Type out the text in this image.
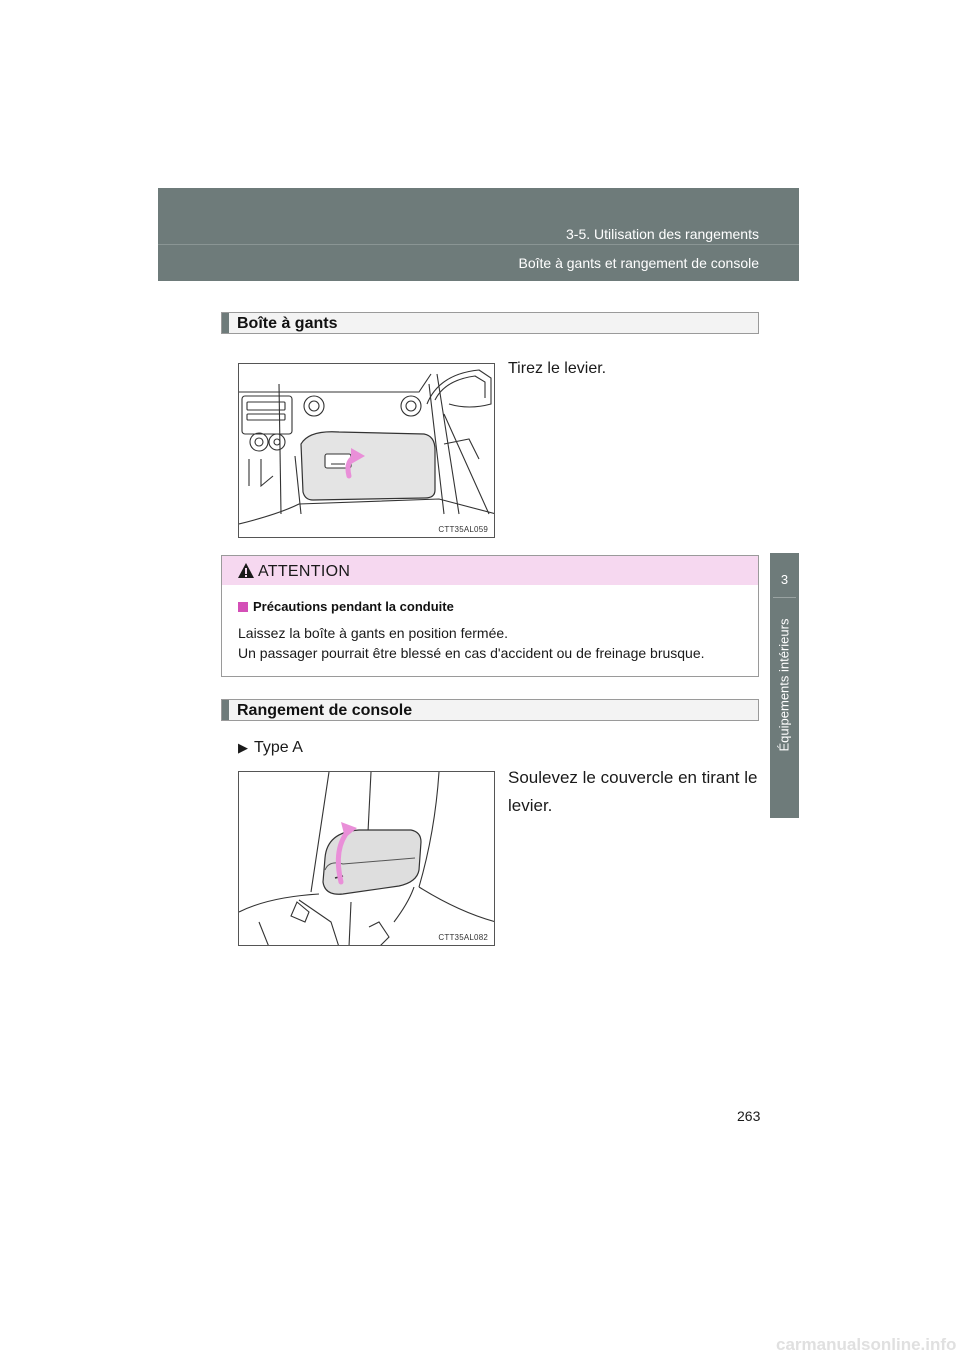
3-5. Utilisation des rangements
Boîte à gants et rangement de console
3
Équipements intérieurs
Boîte à gants
CTT35AL059
Tirez le levier.
ATTENTION
Précautions pendant la conduite
Laissez la boîte à gants en position fermée.
Un passager pourrait être blessé en cas d'accident ou de freinage brusque.
Rangement de console
▶ Type A
CTT35AL082
Soulevez le couvercle en tirant le
levier.
263
carmanualsonline.info
